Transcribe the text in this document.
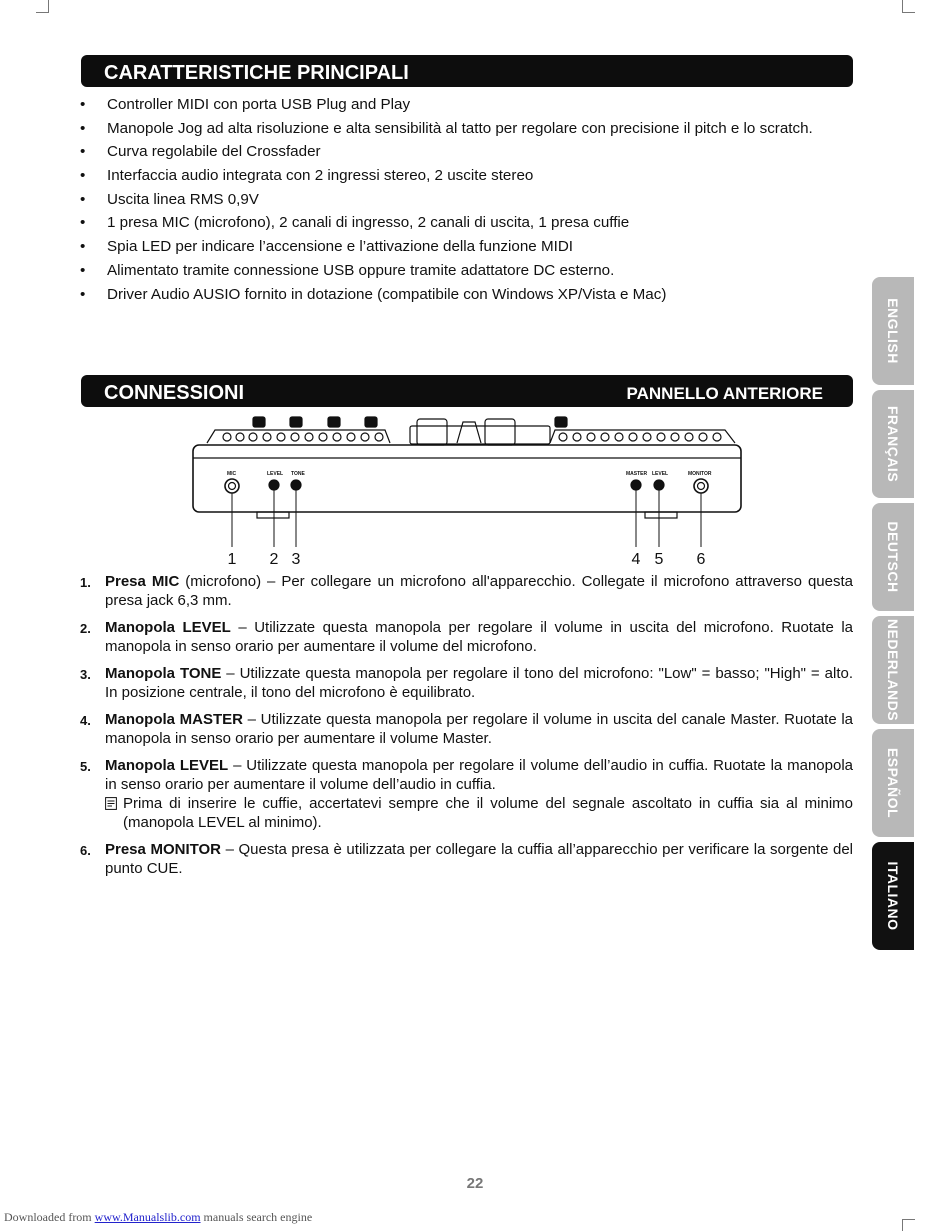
CARATTERISTICHE PRINCIPALI
• Controller MIDI con porta USB Plug and Play
• Manopole Jog ad alta risoluzione e alta sensibilità al tatto per regolare con precisione il pitch e lo scratch.
• Curva regolabile del Crossfader
• Interfaccia audio integrata con 2 ingressi stereo, 2 uscite stereo
• Uscita linea RMS 0,9V
• 1 presa MIC (microfono), 2 canali di ingresso, 2 canali di uscita, 1 presa cuffie
• Spia LED per indicare l’accensione e l’attivazione della funzione MIDI
• Alimentato tramite connessione USB oppure tramite adattatore DC esterno.
• Driver Audio AUSIO fornito in dotazione (compatibile con Windows XP/Vista e Mac)
CONNESSIONI	PANNELLO ANTERIORE
MIC	LEVEL TONE	MASTER LEVEL	MONITOR
1 2 3	4 5 6
1. Presa MIC (microfono) – Per collegare un microfono all'apparecchio. Collegate il microfono attraverso questa presa jack 6,3 mm.
2. Manopola LEVEL – Utilizzate questa manopola per regolare il volume in uscita del microfono. Ruotate la manopola in senso orario per aumentare il volume del microfono.
3. Manopola TONE – Utilizzate questa manopola per regolare il tono del microfono: "Low" = basso; "High" = alto. In posizione centrale, il tono del microfono è equilibrato.
4. Manopola MASTER – Utilizzate questa manopola per regolare il volume in uscita del canale Master. Ruotate la manopola in senso orario per aumentare il volume Master.
5. Manopola LEVEL – Utilizzate questa manopola per regolare il volume dell’audio in cuffia. Ruotate la manopola in senso orario per aumentare il volume dell’audio in cuffia.
Prima di inserire le cuffie, accertatevi sempre che il volume del segnale ascoltato in cuffia sia al minimo (manopola LEVEL al minimo).
6. Presa MONITOR – Questa presa è utilizzata per collegare la cuffia all’apparecchio per verificare la sorgente del punto CUE.
ENGLISH
FRANÇAIS
DEUTSCH
NEDERLANDS
ESPAÑOL
ITALIANO
22
Downloaded from www.Manualslib.com manuals search engine
